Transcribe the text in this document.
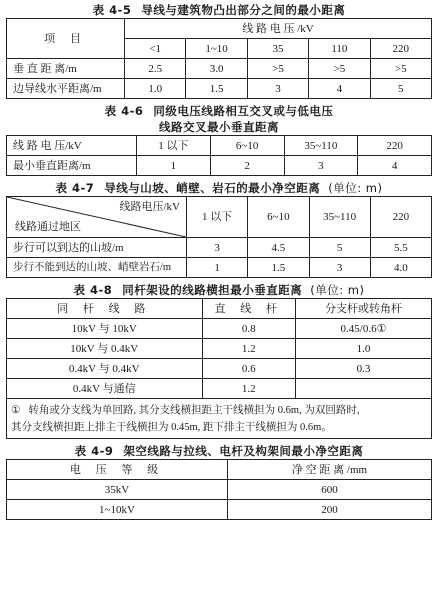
表 4-5 导线与建筑物凸出部分之间的最小距离
项 目	线 路 电 压 /kV				
	<1	1~10	35	110	220
垂 直 距 离/m	2.5	3.0	>5	>5	>5
边导线水平距离/m	1.0	1.5	3	4	5
表 4-6 同级电压线路相互交叉或与低电压
线路交叉最小垂直距离
线 路 电 压/kV	1 以下	6~10	35~110	220
最小垂直距离/m	1	2	3	4
表 4-7 导线与山坡、峭壁、岩石的最小净空距离 (单位: m)
线路电压/kV
线路通过地区	1 以下	6~10	35~110	220
步行可以到达的山坡/m	3	4.5	5	5.5
步行不能到达的山坡、峭壁岩石/m	1	1.5	3	4.0
表 4-8 同杆架设的线路横担最小垂直距离 (单位: m)
同 杆 线 路	直 线 杆	分支杆或转角杆
10kV 与 10kV	0.8	0.45/0.6①
10kV 与 0.4kV	1.2	1.0
0.4kV 与 0.4kV	0.6	0.3
0.4kV 与通信	1.2	
① 转角或分支线为单回路, 其分支线横担距主干线横担为 0.6m, 为双回路时,
其分支线横担距上排主干线横担为 0.45m, 距下排主干线横担为 0.6m。		
表 4-9 架空线路与拉线、电杆及构架间最小净空距离
电 压 等 级	净 空 距 离 /mm
35kV	600
1~10kV	200
